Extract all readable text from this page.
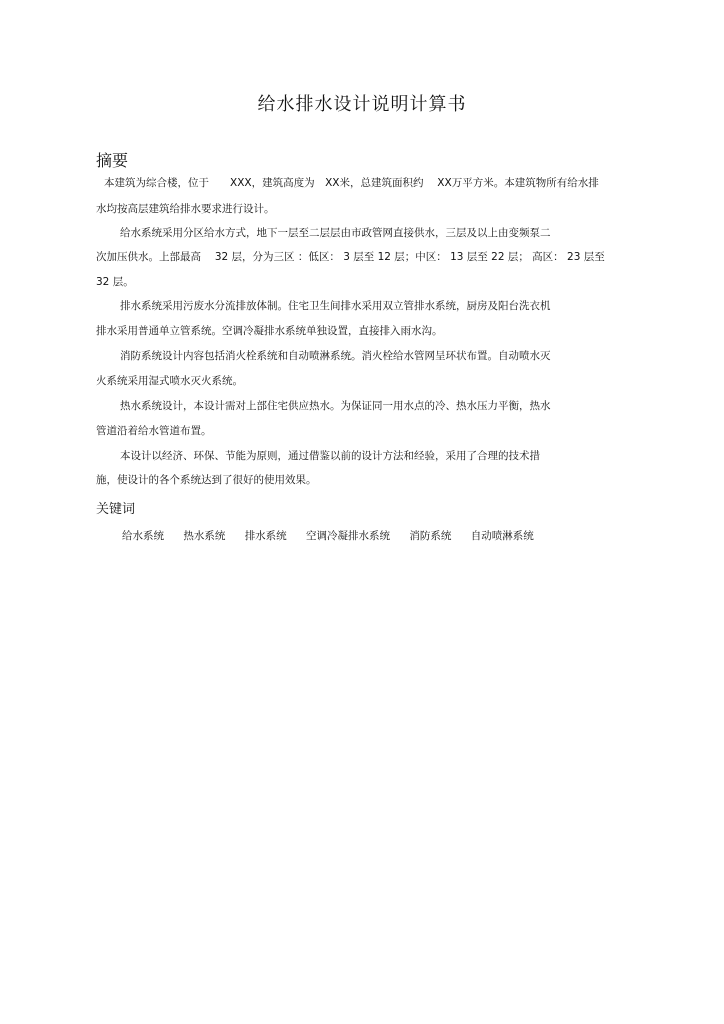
给水排水设计说明计算书
摘要
本建筑为综合楼，位于　　XXX，建筑高度为　XX米，总建筑面积约　 XX万平方米。本建筑物所有给水排
水均按高层建筑给排水要求进行设计。
给水系统采用分区给水方式，地下一层至二层层由市政管网直接供水，三层及以上由变频泵二
次加压供水。上部最高　 32 层，分为三区 ：低区： 3 层至 12 层；中区： 13 层至 22 层； 高区： 23 层至
32 层。
排水系统采用污废水分流排放体制。住宅卫生间排水采用双立管排水系统，厨房及阳台洗衣机
排水采用普通单立管系统。空调冷凝排水系统单独设置，直接排入雨水沟。
消防系统设计内容包括消火栓系统和自动喷淋系统。消火栓给水管网呈环状布置。自动喷水灭
火系统采用湿式喷水灭火系统。
热水系统设计，本设计需对上部住宅供应热水。为保证同一用水点的冷、热水压力平衡，热水
管道沿着给水管道布置。
本设计以经济、环保、节能为原则，通过借鉴以前的设计方法和经验，采用了合理的技术措
施，使设计的各个系统达到了很好的使用效果。
关键词
给水系统 热水系统 排水系统 空调冷凝排水系统 消防系统 自动喷淋系统
